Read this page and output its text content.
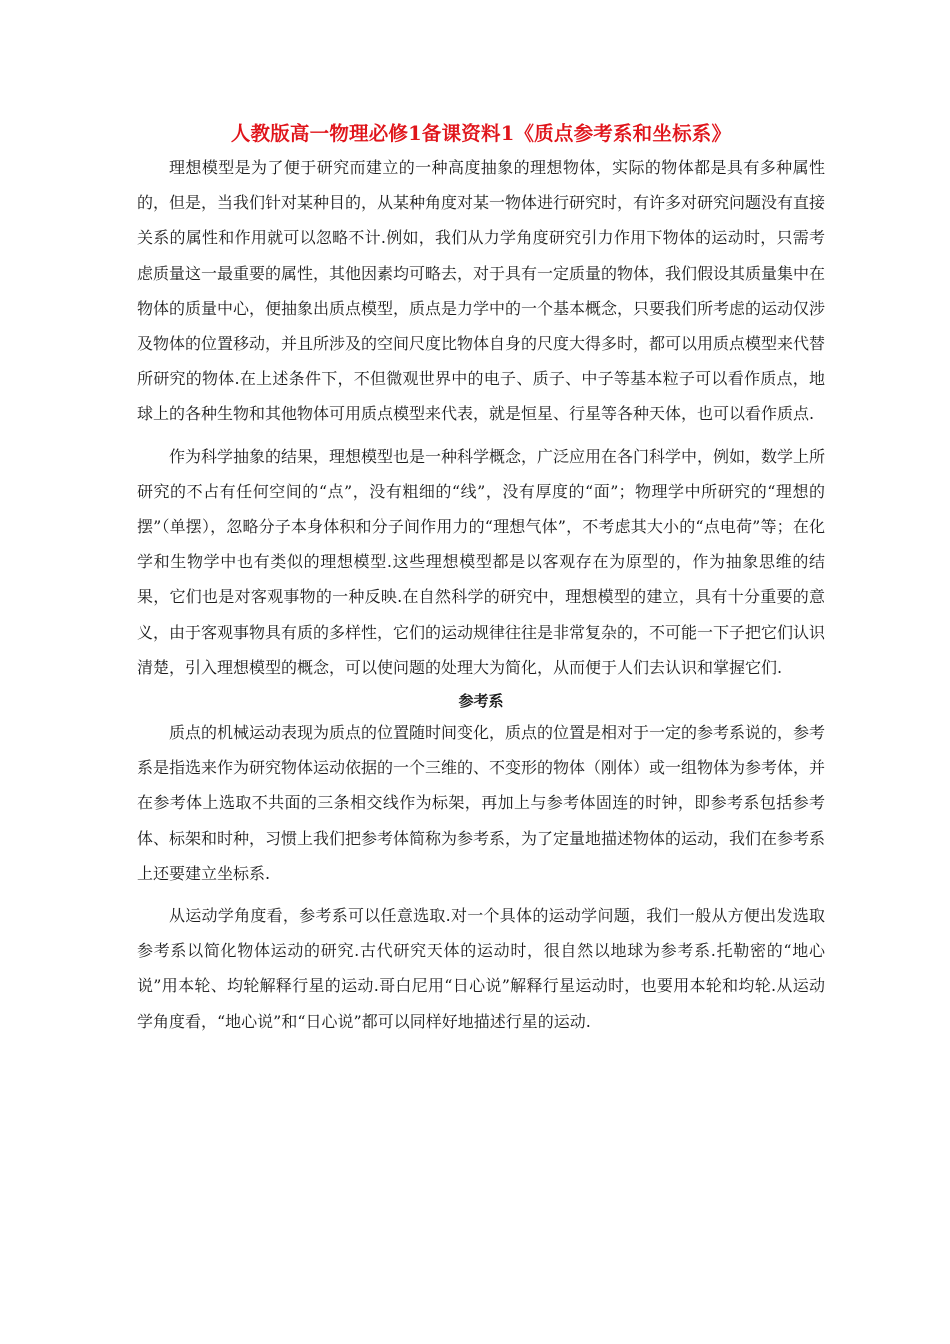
人教版高一物理必修1备课资料1《质点参考系和坐标系》

理想模型是为了便于研究而建立的一种高度抽象的理想物体，实际的物体都是具有多种属性的，但是，当我们针对某种目的，从某种角度对某一物体进行研究时，有许多对研究问题没有直接关系的属性和作用就可以忽略不计.例如，我们从力学角度研究引力作用下物体的运动时，只需考虑质量这一最重要的属性，其他因素均可略去，对于具有一定质量的物体，我们假设其质量集中在物体的质量中心，便抽象出质点模型，质点是力学中的一个基本概念，只要我们所考虑的运动仅涉及物体的位置移动，并且所涉及的空间尺度比物体自身的尺度大得多时，都可以用质点模型来代替所研究的物体.在上述条件下，不但微观世界中的电子、质子、中子等基本粒子可以看作质点，地球上的各种生物和其他物体可用质点模型来代表，就是恒星、行星等各种天体，也可以看作质点.

作为科学抽象的结果，理想模型也是一种科学概念，广泛应用在各门科学中，例如，数学上所研究的不占有任何空间的“点”，没有粗细的“线”，没有厚度的“面”；物理学中所研究的“理想的摆”（单摆），忽略分子本身体积和分子间作用力的“理想气体”，不考虑其大小的“点电荷”等；在化学和生物学中也有类似的理想模型.这些理想模型都是以客观存在为原型的，作为抽象思维的结果，它们也是对客观事物的一种反映.在自然科学的研究中，理想模型的建立，具有十分重要的意义，由于客观事物具有质的多样性，它们的运动规律往往是非常复杂的，不可能一下子把它们认识清楚，引入理想模型的概念，可以使问题的处理大为简化，从而便于人们去认识和掌握它们.

参考系

质点的机械运动表现为质点的位置随时间变化，质点的位置是相对于一定的参考系说的，参考系是指选来作为研究物体运动依据的一个三维的、不变形的物体（刚体）或一组物体为参考体，并在参考体上选取不共面的三条相交线作为标架，再加上与参考体固连的时钟，即参考系包括参考体、标架和时种，习惯上我们把参考体简称为参考系，为了定量地描述物体的运动，我们在参考系上还要建立坐标系.

从运动学角度看，参考系可以任意选取.对一个具体的运动学问题，我们一般从方便出发选取参考系以简化物体运动的研究.古代研究天体的运动时，很自然以地球为参考系.托勒密的“地心说”用本轮、均轮解释行星的运动.哥白尼用“日心说”解释行星运动时，也要用本轮和均轮.从运动学角度看，“地心说”和“日心说”都可以同样好地描述行星的运动.
